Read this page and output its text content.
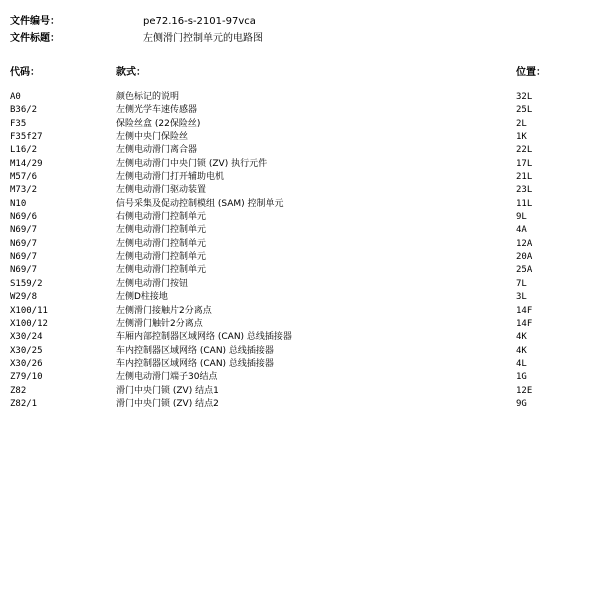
文件编号：	pe72.16-s-2101-97vca
文件标题：	左侧滑门控制单元的电路图
代码：	款式：	位置：
A0	颜色标记的说明	32L
B36/2	左侧光学车速传感器	25L
F35	保险丝盒 (22保险丝)	2L
F35f27	左侧中央门保险丝	1K
L16/2	左侧电动滑门离合器	22L
M14/29	左侧电动滑门中央门锁 (ZV) 执行元件	17L
M57/6	左侧电动滑门打开辅助电机	21L
M73/2	左侧电动滑门驱动装置	23L
N10	信号采集及促动控制模组 (SAM) 控制单元	11L
N69/6	右侧电动滑门控制单元	9L
N69/7	左侧电动滑门控制单元	4A
N69/7	左侧电动滑门控制单元	12A
N69/7	左侧电动滑门控制单元	20A
N69/7	左侧电动滑门控制单元	25A
S159/2	左侧电动滑门按钮	7L
W29/8	左侧D柱接地	3L
X100/11	左侧滑门接触片2分离点	14F
X100/12	左侧滑门触针2分离点	14F
X30/24	车厢内部控制器区域网络 (CAN) 总线插接器	4K
X30/25	车内控制器区域网络 (CAN) 总线插接器	4K
X30/26	车内控制器区域网络 (CAN) 总线插接器	4L
Z79/10	左侧电动滑门端子30结点	1G
Z82	滑门中央门锁 (ZV) 结点1	12E
Z82/1	滑门中央门锁 (ZV) 结点2	9G
